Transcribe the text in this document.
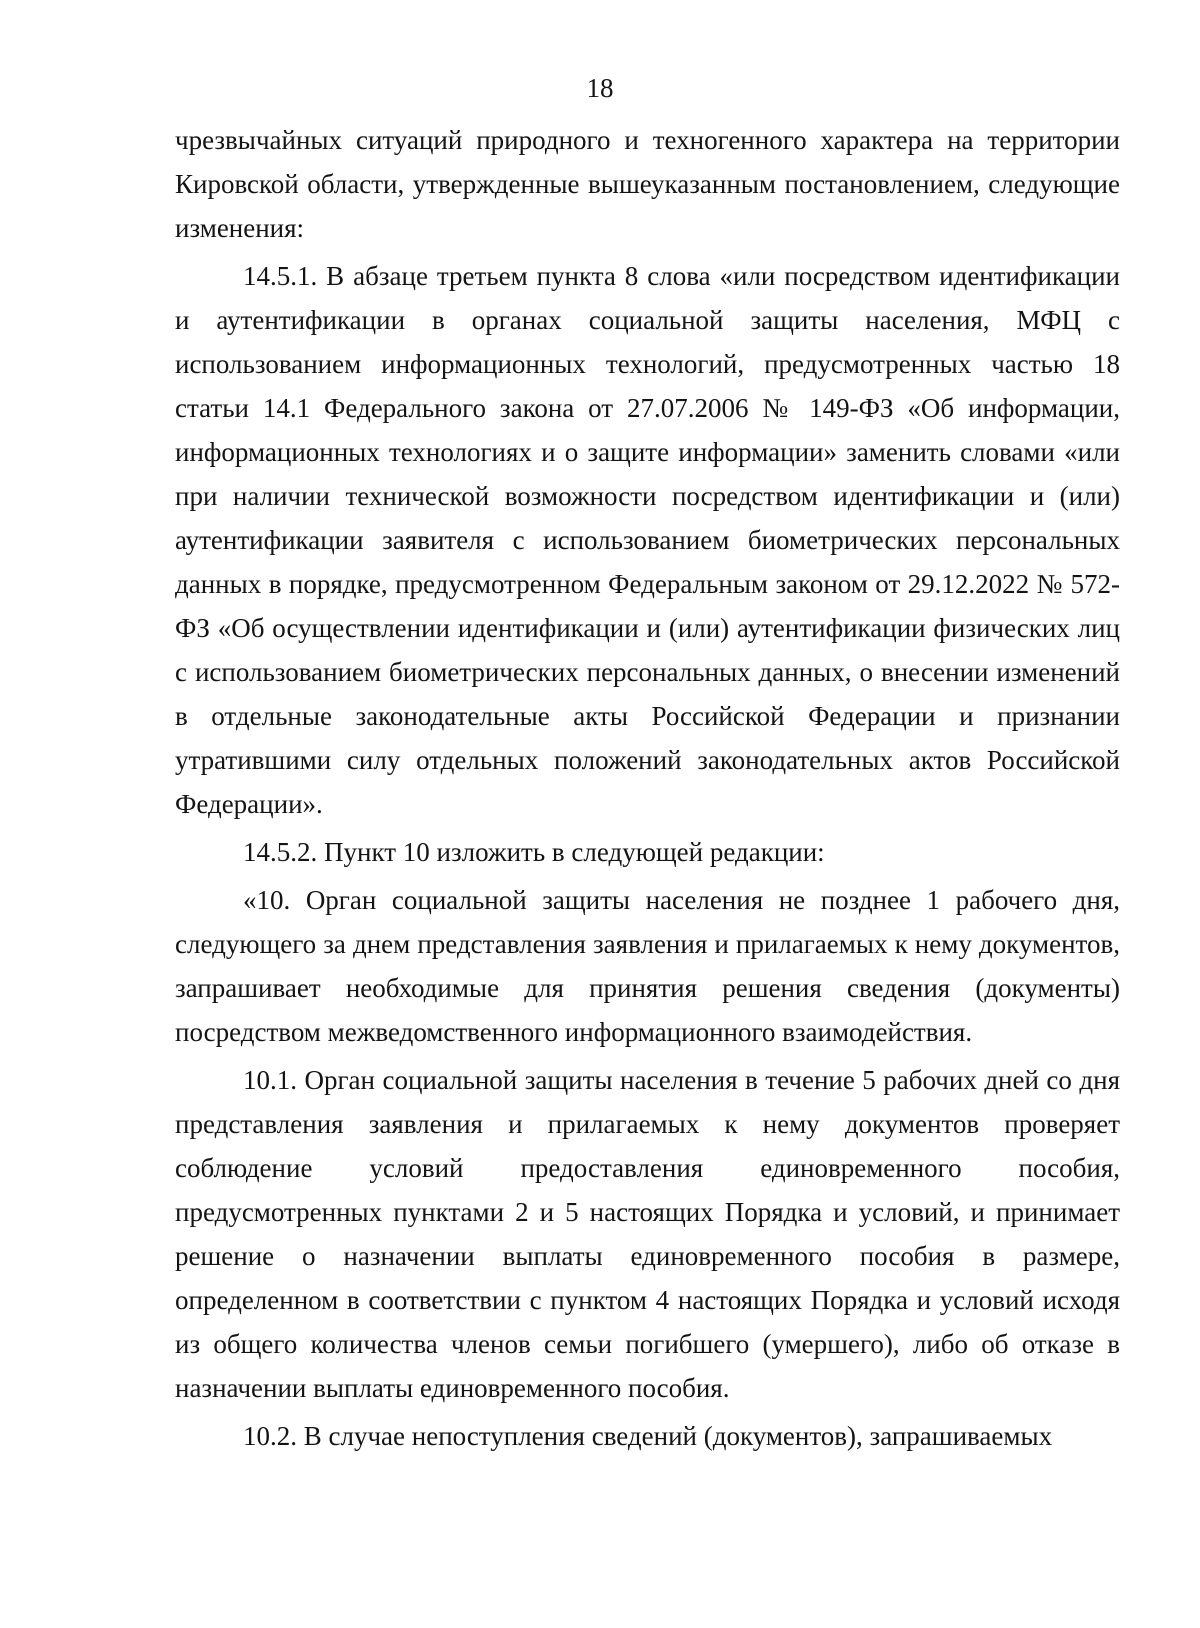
18

чрезвычайных ситуаций природного и техногенного характера на территории Кировской области, утвержденные вышеуказанным постановлением, следующие изменения:

14.5.1. В абзаце третьем пункта 8 слова «или посредством идентификации и аутентификации в органах социальной защиты населения, МФЦ с использованием информационных технологий, предусмотренных частью 18 статьи 14.1 Федерального закона от 27.07.2006 № 149-ФЗ «Об информации, информационных технологиях и о защите информации» заменить словами «или при наличии технической возможности посредством идентификации и (или) аутентификации заявителя с использованием биометрических персональных данных в порядке, предусмотренном Федеральным законом от 29.12.2022 № 572-ФЗ «Об осуществлении идентификации и (или) аутентификации физических лиц с использованием биометрических персональных данных, о внесении изменений в отдельные законодательные акты Российской Федерации и признании утратившими силу отдельных положений законодательных актов Российской Федерации».

14.5.2. Пункт 10 изложить в следующей редакции:

«10. Орган социальной защиты населения не позднее 1 рабочего дня, следующего за днем представления заявления и прилагаемых к нему документов, запрашивает необходимые для принятия решения сведения (документы) посредством межведомственного информационного взаимодействия.

10.1. Орган социальной защиты населения в течение 5 рабочих дней со дня представления заявления и прилагаемых к нему документов проверяет соблюдение условий предоставления единовременного пособия, предусмотренных пунктами 2 и 5 настоящих Порядка и условий, и принимает решение о назначении выплаты единовременного пособия в размере, определенном в соответствии с пунктом 4 настоящих Порядка и условий исходя из общего количества членов семьи погибшего (умершего), либо об отказе в назначении выплаты единовременного пособия.

10.2. В случае непоступления сведений (документов), запрашиваемых
